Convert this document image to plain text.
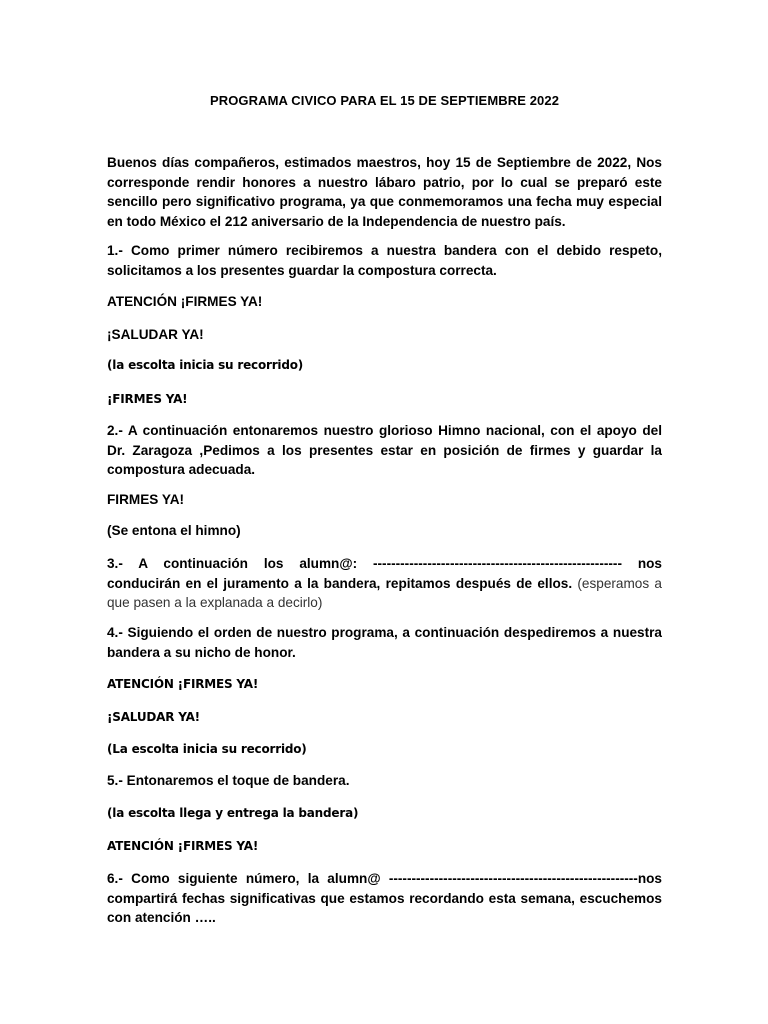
PROGRAMA CIVICO PARA EL 15 DE SEPTIEMBRE 2022
Buenos días compañeros, estimados maestros, hoy 15 de Septiembre de 2022, Nos corresponde rendir honores a nuestro lábaro patrio, por lo cual se preparó este sencillo pero significativo programa, ya que conmemoramos una fecha muy especial en todo México el 212 aniversario de la Independencia de nuestro país.
1.- Como primer número recibiremos a nuestra bandera con el debido respeto, solicitamos a los presentes guardar la compostura correcta.
ATENCIÓN ¡FIRMES YA!
¡SALUDAR YA!
(la escolta inicia su recorrido)
¡FIRMES YA!
2.- A continuación entonaremos nuestro glorioso Himno nacional, con el apoyo del Dr. Zaragoza ,Pedimos a los presentes estar en posición de firmes y guardar la compostura adecuada.
FIRMES YA!
(Se entona el himno)
3.- A continuación los alumn@: ------------------------------------------------------- nos conducirán en el juramento a la bandera, repitamos después de ellos. (esperamos a que pasen a la explanada a decirlo)
4.- Siguiendo el orden de nuestro programa, a continuación despediremos a nuestra bandera a su nicho de honor.
ATENCIÓN ¡FIRMES YA!
¡SALUDAR YA!
(La escolta inicia su recorrido)
5.- Entonaremos el toque de bandera.
(la escolta llega y entrega la bandera)
ATENCIÓN ¡FIRMES YA!
6.- Como siguiente número, la alumn@ -------------------------------------------------------nos compartirá fechas significativas que estamos recordando esta semana, escuchemos con atención …..
